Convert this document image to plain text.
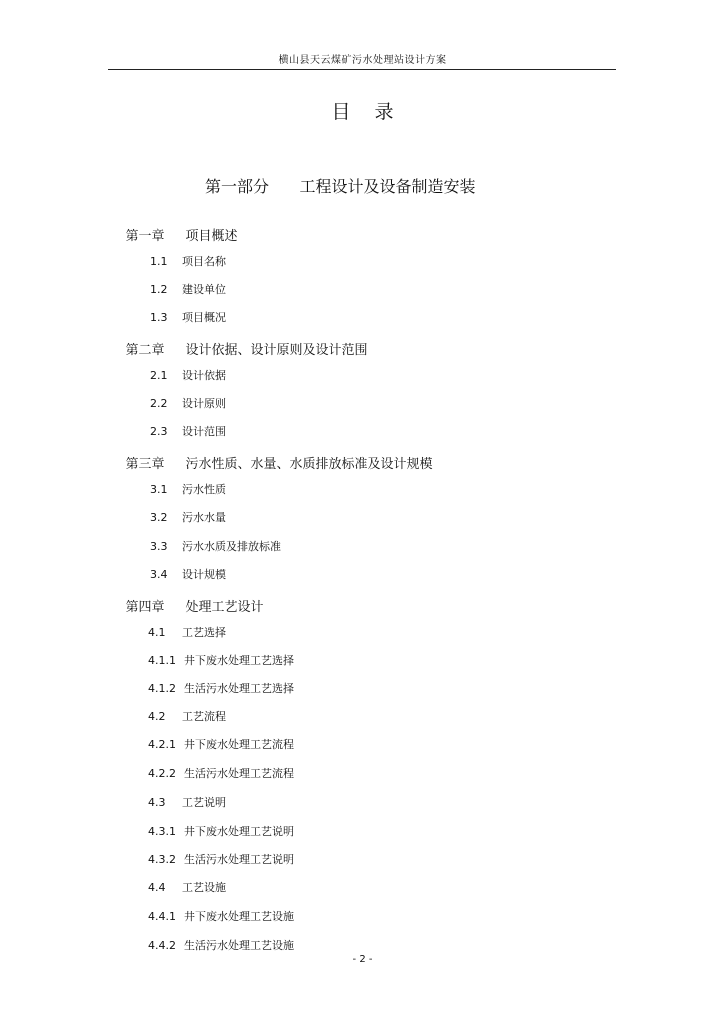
横山县天云煤矿污水处理站设计方案
目 录
第一部分      工程设计及设备制造安装

第一章 项目概述

1.1 项目名称

1.2 建设单位

1.3 项目概况

第二章 设计依据、设计原则及设计范围

2.1 设计依据

2.2 设计原则

2.3 设计范围

第三章 污水性质、水量、水质排放标准及设计规模

3.1 污水性质

3.2 污水水量

3.3 污水水质及排放标准

3.4 设计规模

第四章 处理工艺设计

4.1 工艺选择

4.1.1 井下废水处理工艺选择

4.1.2 生活污水处理工艺选择

4.2 工艺流程

4.2.1 井下废水处理工艺流程

4.2.2 生活污水处理工艺流程

4.3 工艺说明

4.3.1 井下废水处理工艺说明

4.3.2 生活污水处理工艺说明

4.4 工艺设施

4.4.1 井下废水处理工艺设施

4.4.2 生活污水处理工艺设施

- 2 -
